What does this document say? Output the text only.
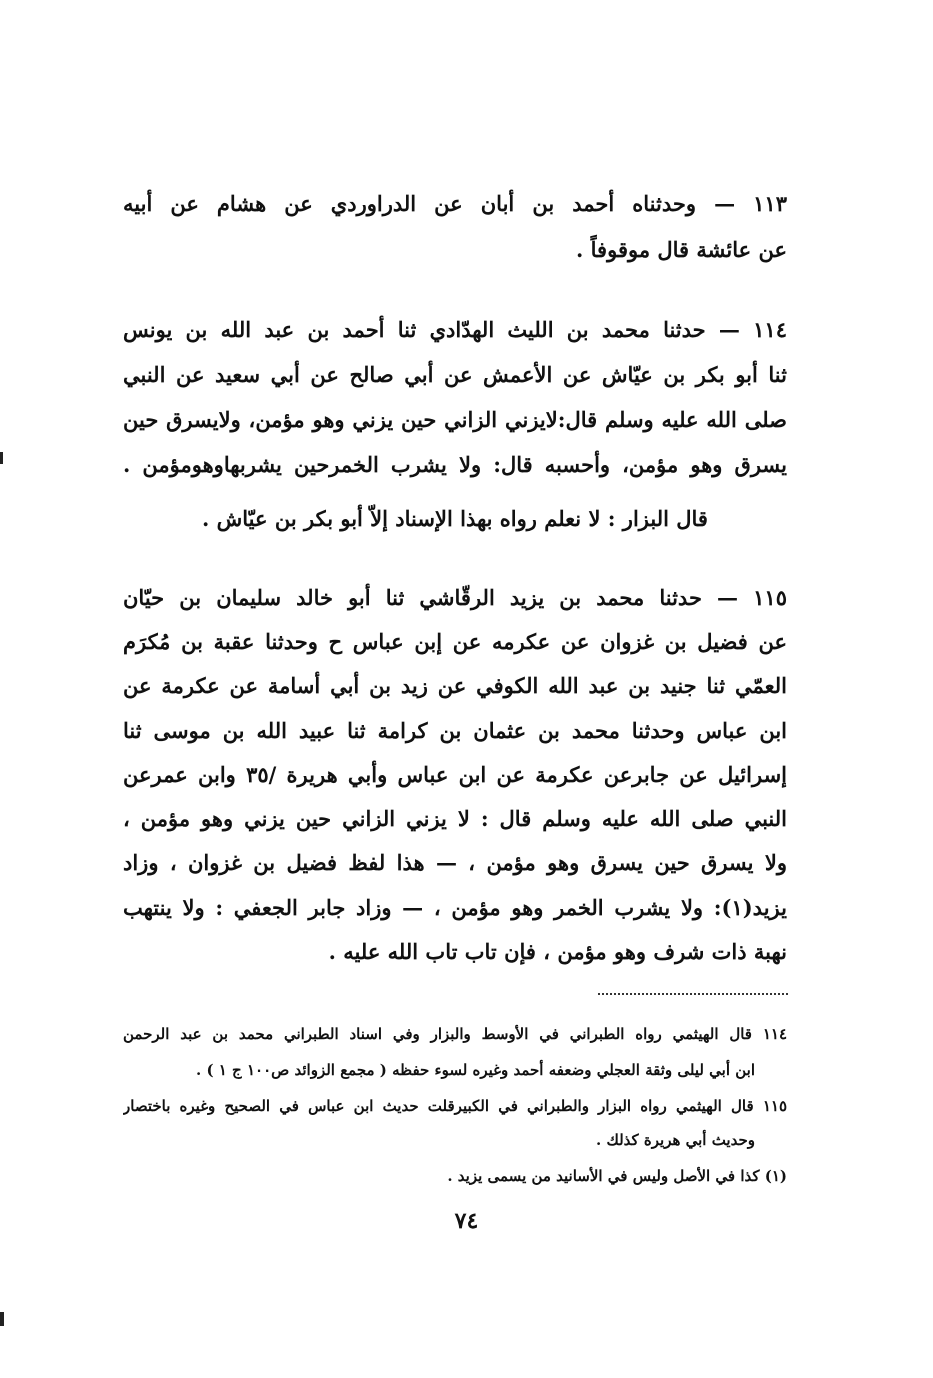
١١٣ — وحدثناه أحمد بن أبان عن الدراوردي عن هشام عن أبيه
عن عائشة قال موقوفاً .
١١٤ — حدثنا محمد بن الليث الهدّادي ثنا أحمد بن عبد الله بن يونس
ثنا أبو بكر بن عيّاش عن الأعمش عن أبي صالح عن أبي سعيد عن النبي
صلى الله عليه وسلم قال:لايزني الزاني حين يزني وهو مؤمن، ولايسرق حين
يسرق وهو مؤمن، وأحسبه قال: ولا يشرب الخمرحين يشربهاوهومؤمن .
قال البزار : لا نعلم رواه بهذا الإسناد إلاّ أبو بكر بن عيّاش .
١١٥ — حدثنا محمد بن يزيد الرقّاشي ثنا أبو خالد سليمان بن حيّان
عن فضيل بن غزوان عن عكرمه عن إبن عباس ح وحدثنا عقبة بن مُكرَم
العمّي ثنا جنيد بن عبد الله الكوفي عن زيد بن أبي أسامة عن عكرمة عن
ابن عباس وحدثنا محمد بن عثمان بن كرامة ثنا عبيد الله بن موسى ثنا
إسرائيل عن جابرعن عكرمة عن ابن عباس وأبي هريرة /٣٥ وابن عمرعن
النبي صلى الله عليه وسلم قال : لا يزني الزاني حين يزني وهو مؤمن ،
ولا يسرق حين يسرق وهو مؤمن ، — هذا لفظ فضيل بن غزوان ، وزاد
يزيد(١): ولا يشرب الخمر وهو مؤمن ، — وزاد جابر الجعفي : ولا ينتهب
نهبة ذات شرف وهو مؤمن ، فإن تاب تاب الله عليه .
١١٤ قال الهيثمي رواه الطبراني في الأوسط والبزار وفي اسناد الطبراني محمد بن عبد الرحمن
ابن أبي ليلى وثقة العجلي وضعفه أحمد وغيره لسوء حفظه ( مجمع الزوائد ص١٠٠ ج ١ ) .
١١٥ قال الهيثمي رواه البزار والطبراني في الكبيرقلت حديث ابن عباس في الصحيح وغيره باختصار
وحديث أبي هريرة كذلك .
(١) كذا في الأصل وليس في الأسانيد من يسمى يزيد .
٧٤
